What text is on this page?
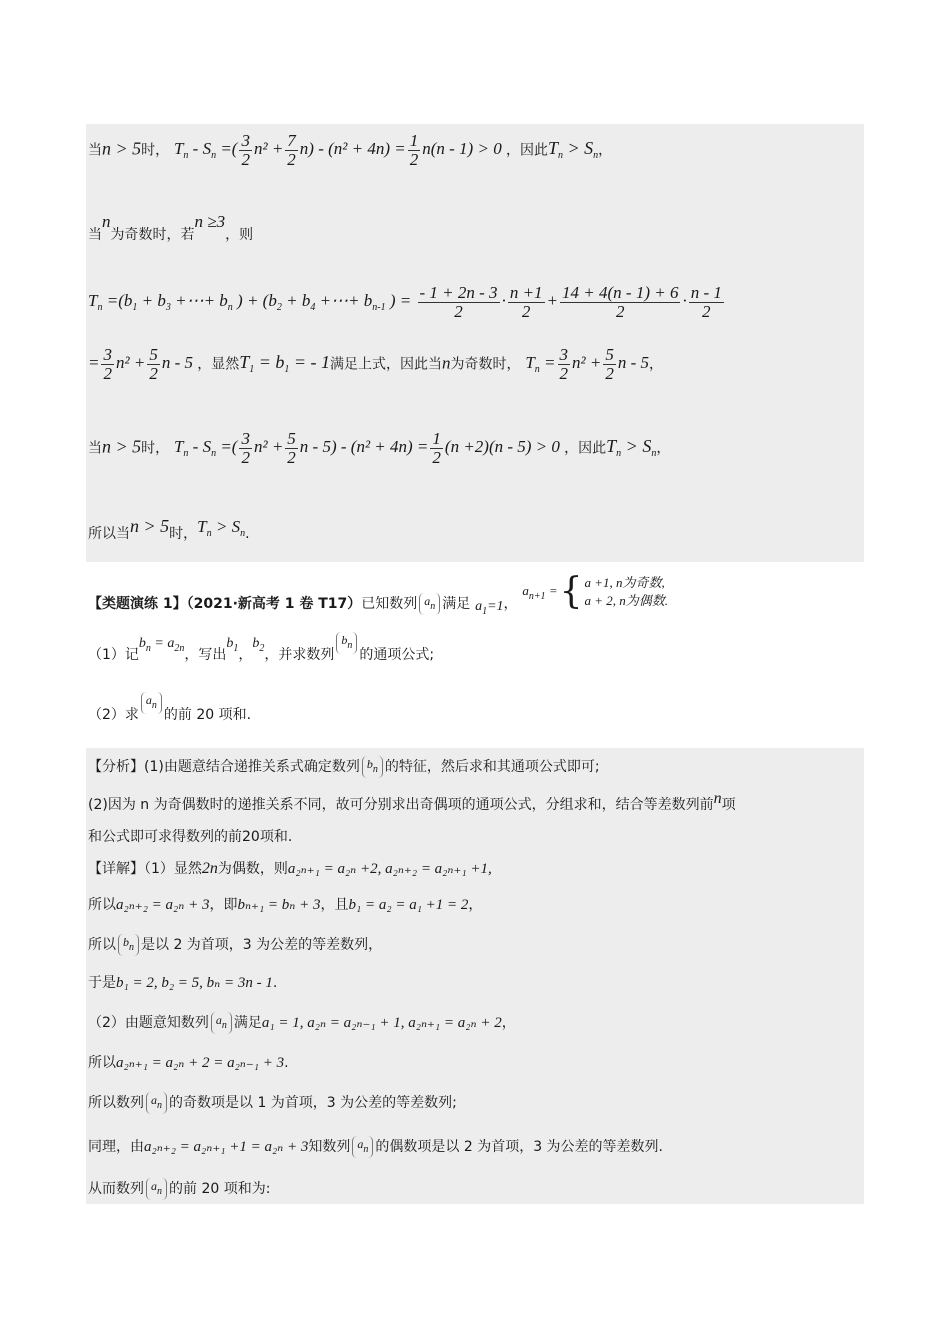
当n > 5时， $T_n - S_n$ =( $\frac{3}{2} n^2 + \frac{7}{2} n) - (n^2 + 4n) = \frac{1}{2} n(n - 1) > 0$ ，因此$T_n > S_n$，
当n为奇数时，若n ≥3，则
$T_n =(b_1 + b_3$ +⋯+ $b_n$ ) + ($b_2 + b_4$ +⋯+ $b_{n-1}$ ) = $\frac{- 1 + 2n - 3}{2} \cdot \frac{n +1}{2} + \frac{14 + 4(n - 1) + 6}{2} \cdot \frac{n - 1}{2}$
= $\frac{3}{2} n^2 + \frac{5}{2}$ n - 5 ，显然$T_1 = b_1$ = - 1满足上式，因此当n为奇数时， $T_n = \frac{3}{2} n^2 + \frac{5}{2}$ n - 5，
当n > 5时， $T_n - S_n$ =( $\frac{3}{2} n^2 + \frac{5}{2}$ $n - 5) - (n^2 + 4n) = \frac{1}{2} (n +2)(n - 5) > 0$ ，因此$T_n > S_n$，
所以当n > 5时，$T_n > S_n$.
【类题演练 1】（2021·新高考 1 卷 T17）已知数列 $a_n$ 满足 $a_1=1$，
$a_{n+1}$ = { a +1, n为奇数,
a + 2, n为偶数.
（1）记$b_n = a_{2n}$，写出$b_1$，$b_2$，并求数列$b_n$的通项公式;
（2）求$a_n$的前 20 项和.
【分析】(1)由题意结合递推关系式确定数列 $b_n$ 的特征，然后求和其通项公式即可;
(2)因为 n 为奇偶数时的递推关系不同，故可分别求出奇偶项的通项公式，分组求和，结合等差数列前n项
和公式即可求得数列的前20项和.
【详解】（1）显然2n为偶数，则a₂ₙ₊₁ = a₂ₙ +2, a₂ₙ₊₂ = a₂ₙ₊₁ +1,
所以a₂ₙ₊₂ = a₂ₙ + 3，即bₙ₊₁ = bₙ + 3，且b₁ = a₂ = a₁ +1 = 2，
所以 $b_n$ 是以 2 为首项，3 为公差的等差数列，
于是b₁ = 2, b₂ = 5, bₙ = 3n - 1.
（2）由题意知数列 $a_n$ 满足a₁ = 1, a₂ₙ = a₂ₙ₋₁ + 1, a₂ₙ₊₁ = a₂ₙ + 2，
所以a₂ₙ₊₁ = a₂ₙ + 2 = a₂ₙ₋₁ + 3.
所以数列 $a_n$ 的奇数项是以 1 为首项，3 为公差的等差数列;
同理，由a₂ₙ₊₂ = a₂ₙ₊₁ +1 = a₂ₙ + 3知数列 $a_n$ 的偶数项是以 2 为首项，3 为公差的等差数列.
从而数列 $a_n$ 的前 20 项和为:
